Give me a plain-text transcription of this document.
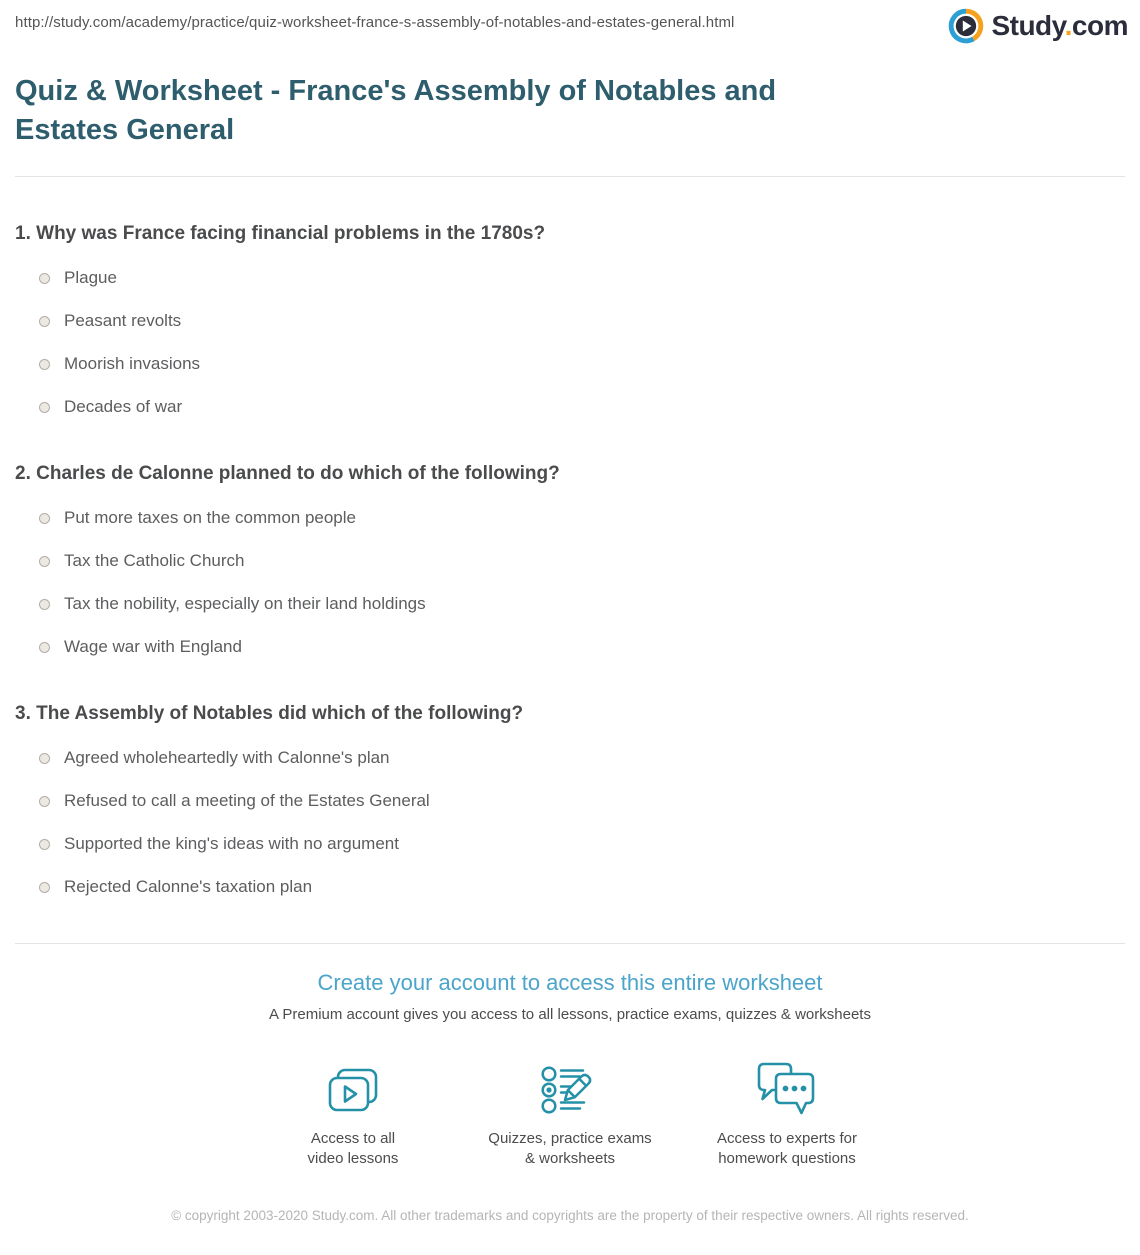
http://study.com/academy/practice/quiz-worksheet-france-s-assembly-of-notables-and-estates-general.html	Study.com
Quiz & Worksheet - France's Assembly of Notables and Estates General
1. Why was France facing financial problems in the 1780s?
Plague
Peasant revolts
Moorish invasions
Decades of war
2. Charles de Calonne planned to do which of the following?
Put more taxes on the common people
Tax the Catholic Church
Tax the nobility, especially on their land holdings
Wage war with England
3. The Assembly of Notables did which of the following?
Agreed wholeheartedly with Calonne's plan
Refused to call a meeting of the Estates General
Supported the king's ideas with no argument
Rejected Calonne's taxation plan
Create your account to access this entire worksheet
A Premium account gives you access to all lessons, practice exams, quizzes & worksheets
Access to all
video lessons
Quizzes, practice exams
& worksheets
Access to experts for
homework questions
© copyright 2003-2020 Study.com. All other trademarks and copyrights are the property of their respective owners. All rights reserved.
